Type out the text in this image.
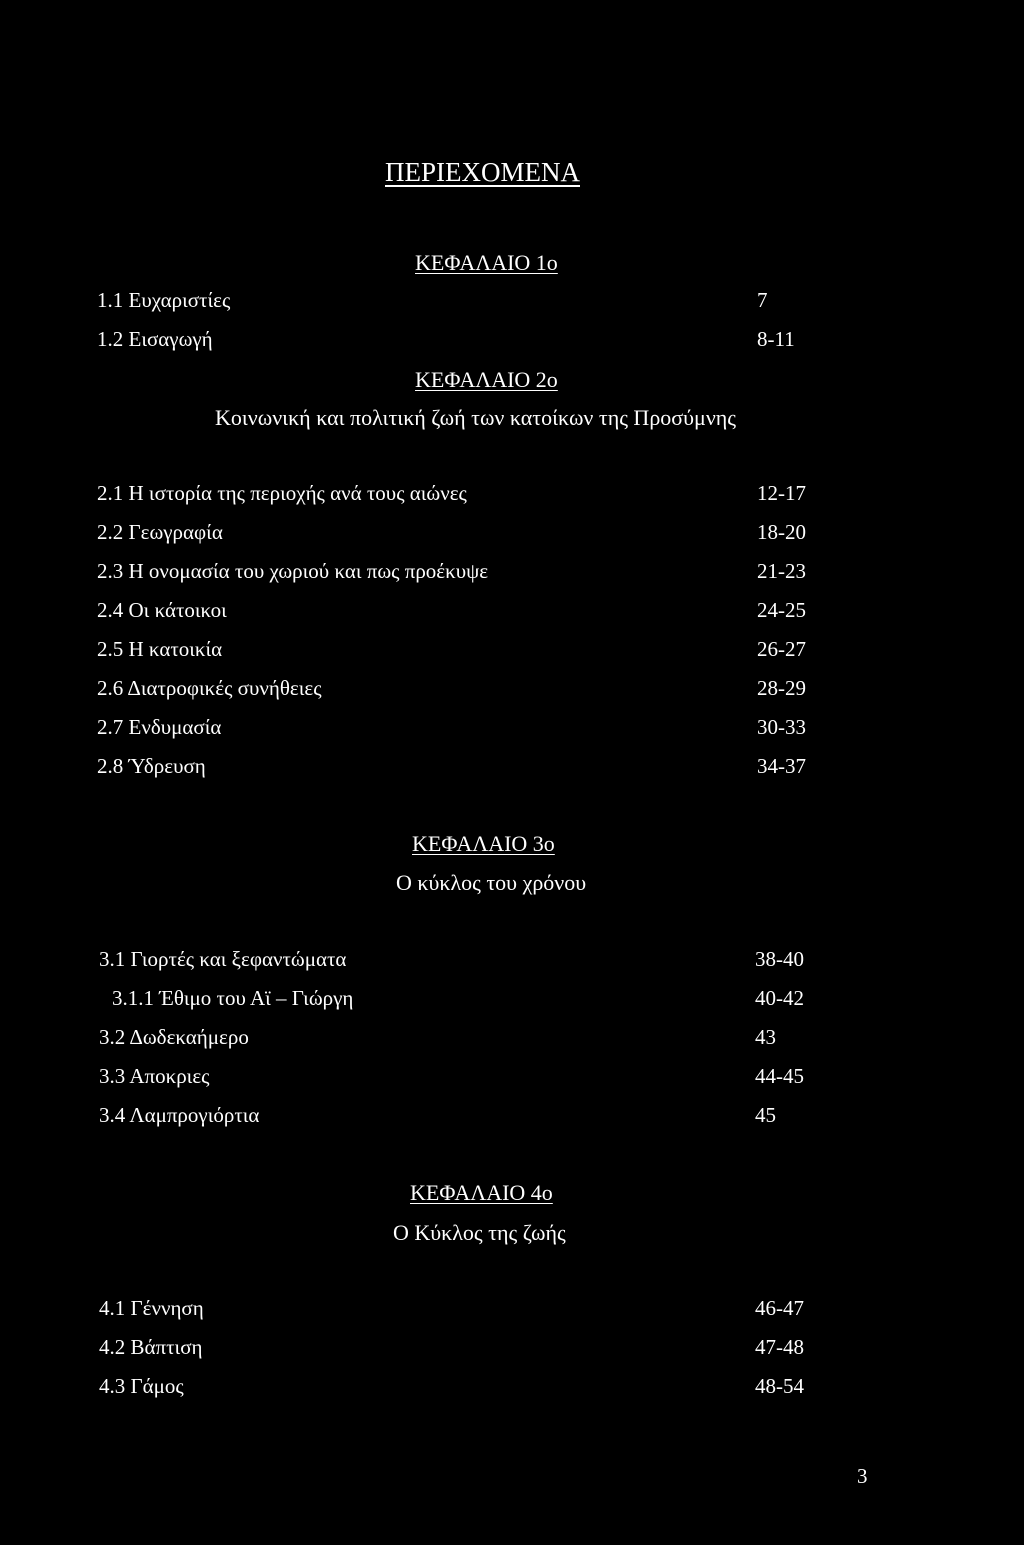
ΠΕΡΙΕΧΟΜΕΝΑ
ΚΕΦΑΛΑΙΟ 1ο
1.1 Ευχαριστίες	7
1.2 Εισαγωγή	8-11
ΚΕΦΑΛΑΙΟ 2ο
Κοινωνική και πολιτική ζωή των κατοίκων της Προσύμνης
2.1 Η ιστορία της περιοχής ανά τους αιώνες	12-17
2.2 Γεωγραφία	18-20
2.3 Η ονομασία του χωριού και πως προέκυψε	21-23
2.4 Οι κάτοικοι	24-25
2.5 Η κατοικία	26-27
2.6 Διατροφικές συνήθειες	28-29
2.7 Ενδυμασία	30-33
2.8 Ύδρευση	34-37
ΚΕΦΑΛΑΙΟ 3ο
Ο κύκλος του χρόνου
3.1 Γιορτές και ξεφαντώματα	38-40
3.1.1 Έθιμο του Αϊ – Γιώργη	40-42
3.2 Δωδεκαήμερο	43
3.3 Αποκριες	44-45
3.4 Λαμπρογιόρτια	45
ΚΕΦΑΛΑΙΟ 4ο
Ο Κύκλος της ζωής
4.1 Γέννηση	46-47
4.2 Βάπτιση	47-48
4.3 Γάμος	48-54
3
